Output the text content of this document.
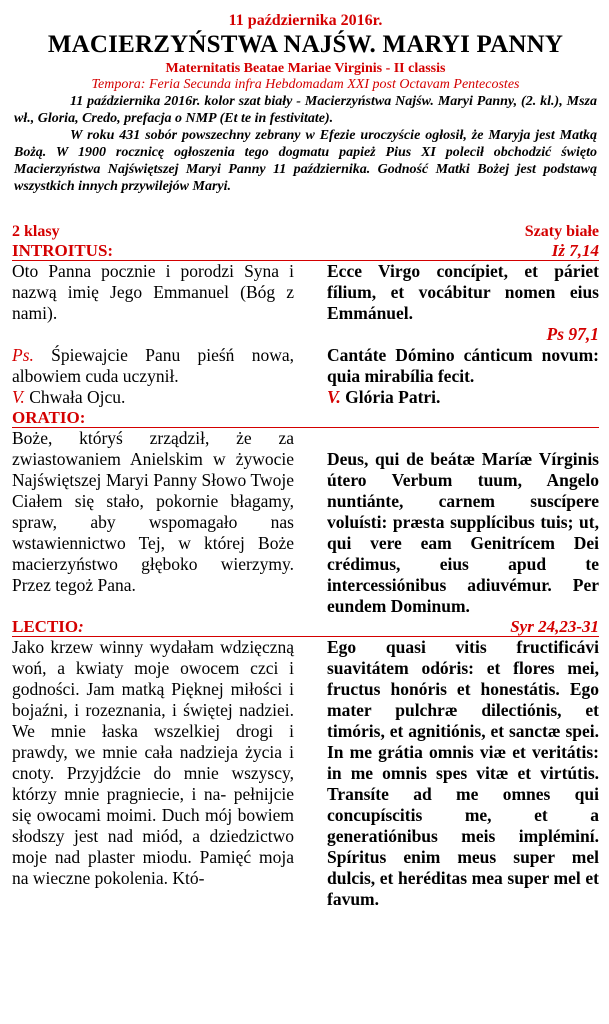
11 października 2016r.
MACIERZYŃSTWA NAJŚW. MARYI PANNY
Maternitatis Beatae Mariae Virginis - II classis
Tempora: Feria Secunda infra Hebdomadam XXI post Octavam Pentecostes

11 października 2016r. kolor szat biały - Macierzyństwa Najśw. Maryi Panny, (2. kl.), Msza wł., Gloria, Credo, prefacja o NMP (Et te in festivitate).

W roku 431 sobór powszechny zebrany w Efezie uroczyście ogłosił, że Maryja jest Matką Bożą. W 1900 rocznicę ogłoszenia tego dogmatu papież Pius XI polecił obchodzić święto Macierzyństwa Najświętszej Maryi Panny 11 października. Godność Matki Bożej jest podstawą wszystkich innych przywilejów Maryi.

2 klasy	Szaty białe
INTROITUS:	Iż 7,14

Oto Panna pocznie i porodzi Syna i nazwą imię Jego Emmanuel (Bóg z nami).

Ps. Śpiewajcie Panu pieśń nowa, albowiem cuda uczynił.

V. Chwała Ojcu.

Ecce Virgo concípiet, et páriet fílium, et vocábitur nomen eius Emmánuel.

Ps 97,1

Cantáte Dómino cánticum novum: quia mirabília fecit.

V. Glória Patri.

ORATIO:

Boże, któryś zrządził, że za zwiastowaniem Anielskim w żywocie Najświętszej Maryi Panny Słowo Twoje Ciałem się stało, pokornie błagamy, spraw, aby wspomagało nas wstawiennictwo Tej, w której Boże macierzyństwo głęboko wierzymy. Przez tegoż Pana.

Deus, qui de beátæ Maríæ Vírginis útero Verbum tuum, Angelo nuntiánte, carnem suscípere voluísti: præsta supplícibus tuis; ut, qui vere eam Genitrícem Dei crédimus, eius apud te intercessiónibus adiuvémur. Per eundem Dominum.

LECTIO:	Syr 24,23-31

Jako krzew winny wydałam wdzięczną woń, a kwiaty moje owocem czci i godności. Jam matką Pięknej miłości i bojaźni, i rozeznania, i świętej nadziei. We mnie łaska wszelkiej drogi i prawdy, we mnie cała nadzieja życia i cnoty. Przyjdźcie do mnie wszyscy, którzy mnie pragniecie, i na- pełnijcie się owocami moimi. Duch mój bowiem słodszy jest nad miód, a dziedzictwo moje nad plaster miodu. Pamięć moja na wieczne pokolenia. Któ-

Ego quasi vitis fructificávi suavitátem odóris: et flores mei, fructus honóris et honestátis. Ego mater pulchræ dilectiónis, et timóris, et agnitiónis, et sanctæ spei. In me grátia omnis viæ et veritátis: in me omnis spes vitæ et virtútis. Transíte ad me omnes qui concupíscitis me, et a generatiónibus meis impléminí. Spíritus enim meus super mel dulcis, et heréditas mea super mel et favum.
